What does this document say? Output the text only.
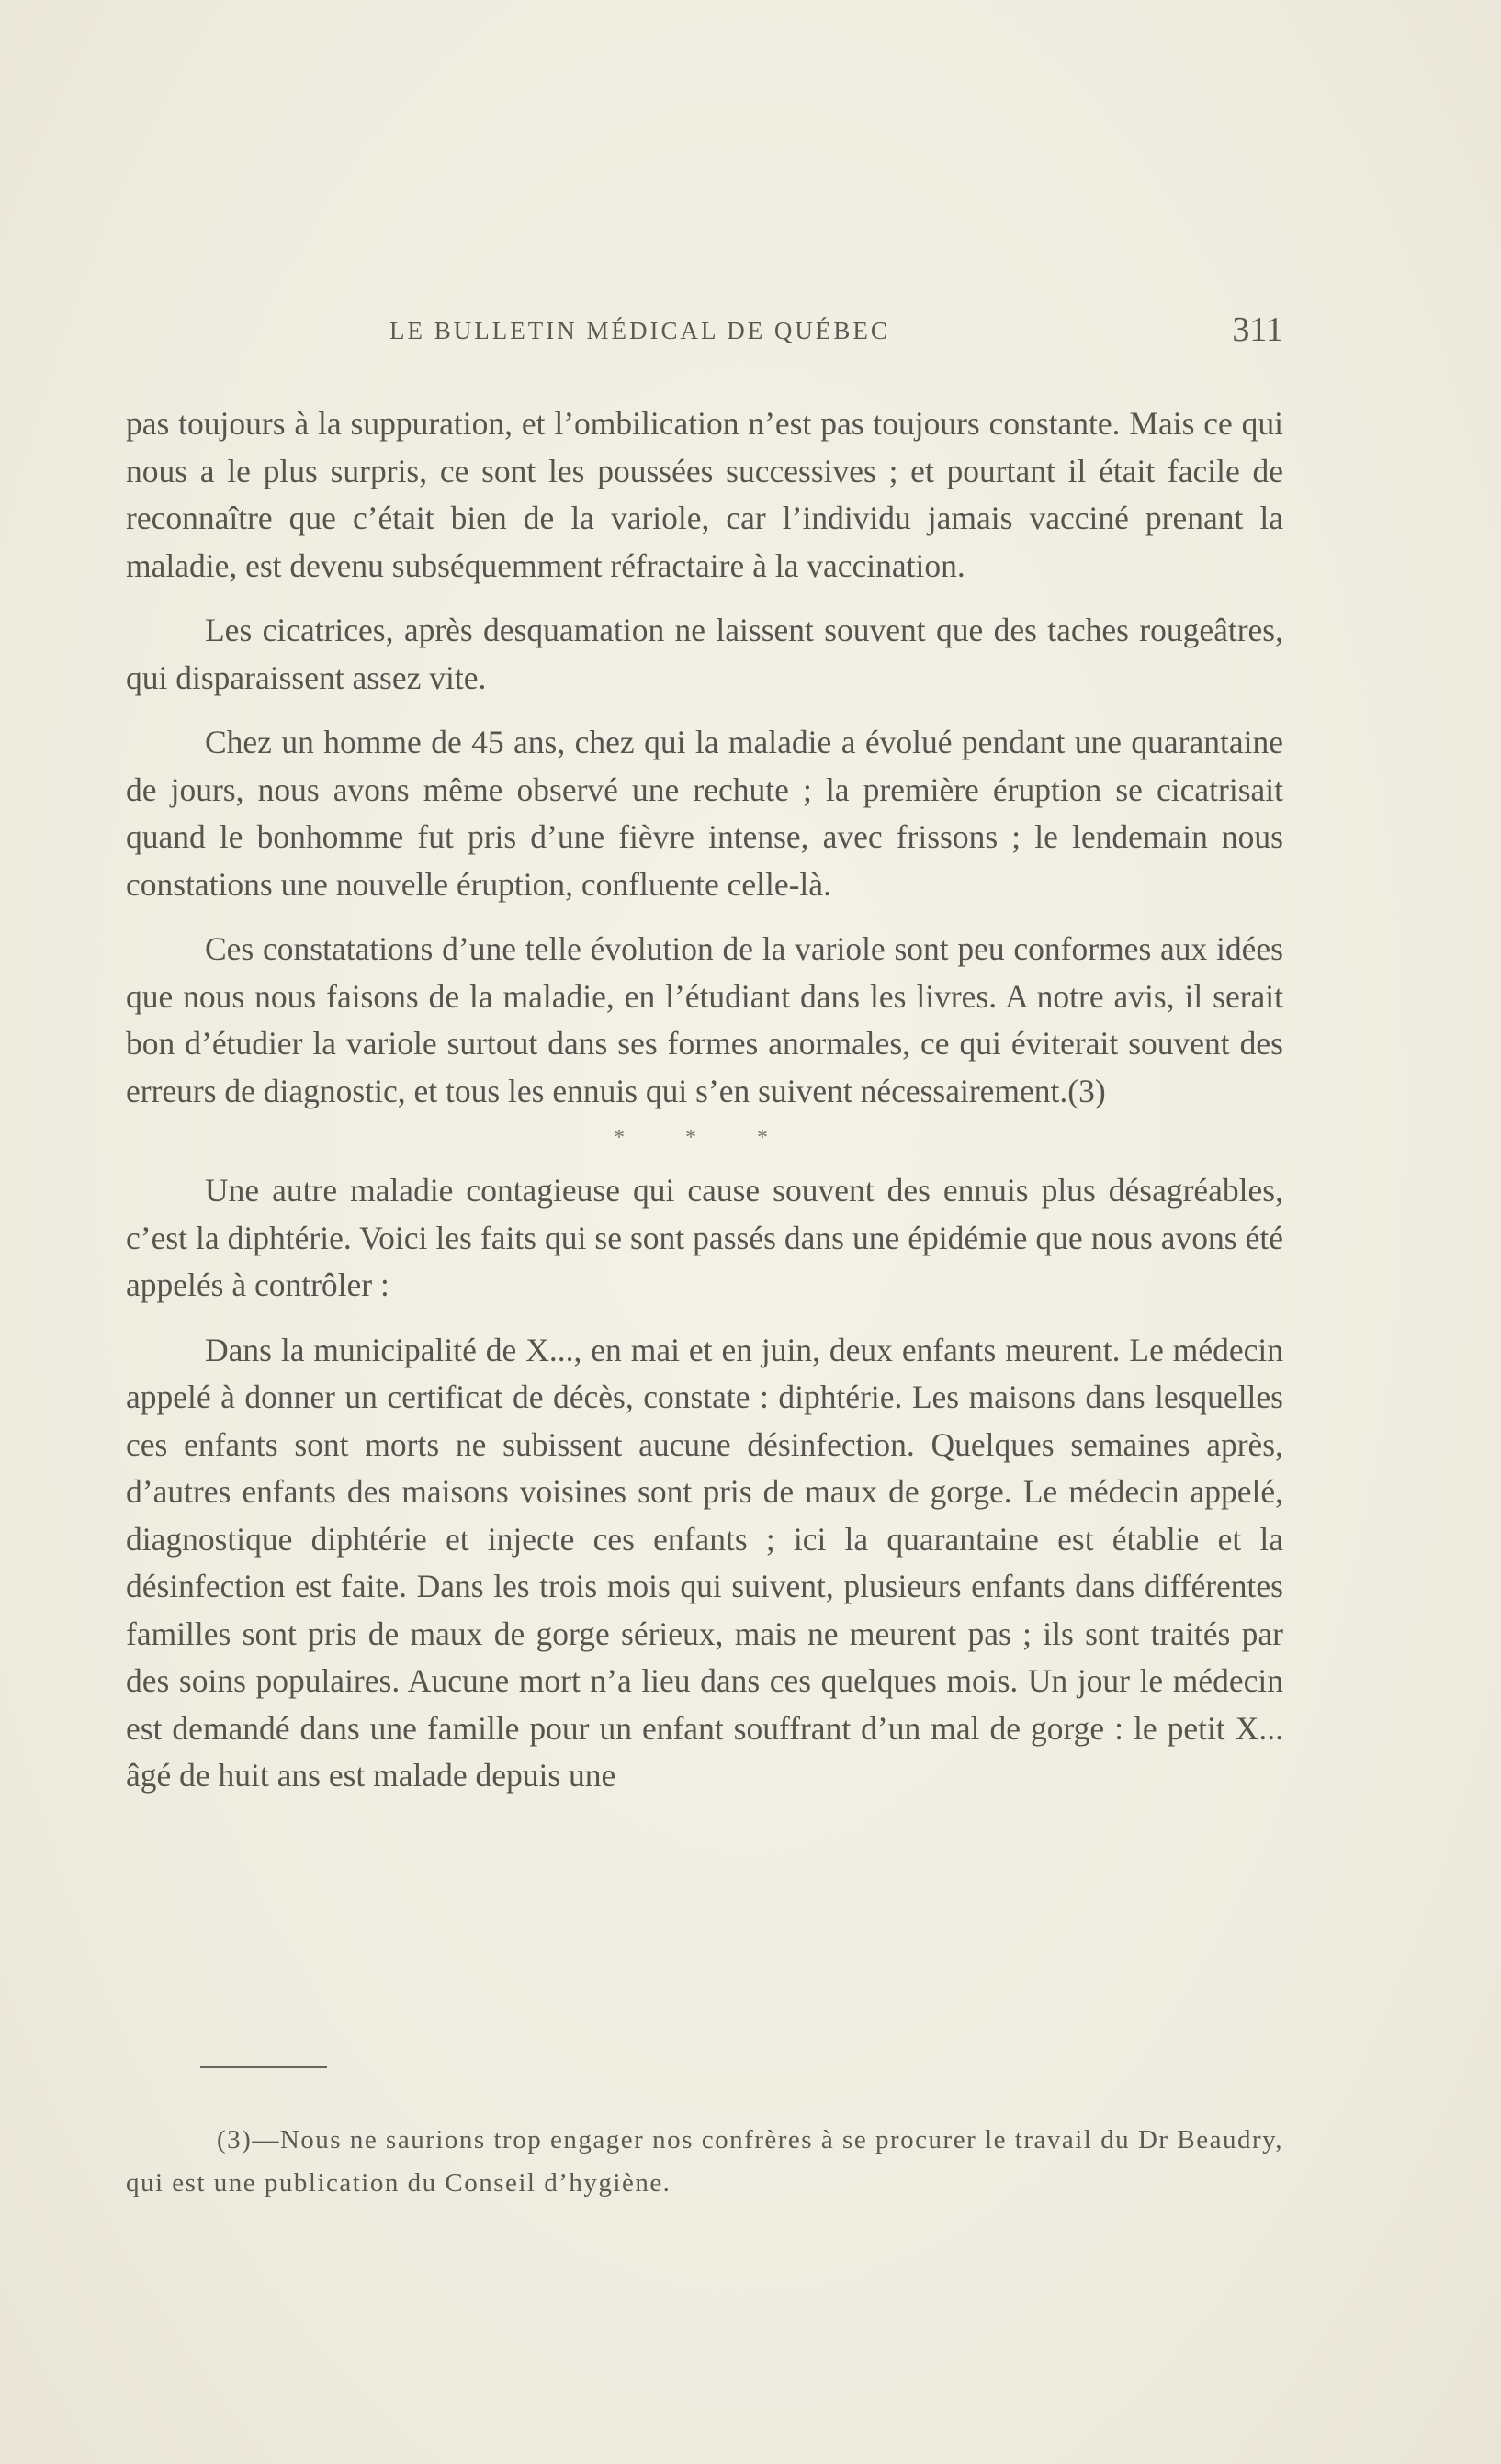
LE BULLETIN MÉDICAL DE QUÉBEC	311

pas toujours à la suppuration, et l’ombilication n’est pas toujours constante. Mais ce qui nous a le plus surpris, ce sont les poussées successives ; et pourtant il était facile de reconnaître que c’était bien de la variole, car l’individu jamais vacciné prenant la maladie, est devenu subséquemment réfractaire à la vaccination.

Les cicatrices, après desquamation ne laissent souvent que des taches rougeâtres, qui disparaissent assez vite.

Chez un homme de 45 ans, chez qui la maladie a évolué pendant une quarantaine de jours, nous avons même observé une rechute ; la première éruption se cicatrisait quand le bonhomme fut pris d’une fièvre intense, avec frissons ; le lendemain nous constations une nouvelle éruption, confluente celle-là.

Ces constatations d’une telle évolution de la variole sont peu conformes aux idées que nous nous faisons de la maladie, en l’étudiant dans les livres. A notre avis, il serait bon d’étudier la variole surtout dans ses formes anormales, ce qui éviterait souvent des erreurs de diagnostic, et tous les ennuis qui s’en suivent nécessairement.(3)

* * *

Une autre maladie contagieuse qui cause souvent des ennuis plus désagréables, c’est la diphtérie. Voici les faits qui se sont passés dans une épidémie que nous avons été appelés à contrôler :

Dans la municipalité de X..., en mai et en juin, deux enfants meurent. Le médecin appelé à donner un certificat de décès, constate : diphtérie. Les maisons dans lesquelles ces enfants sont morts ne subissent aucune désinfection. Quelques semaines après, d’autres enfants des maisons voisines sont pris de maux de gorge. Le médecin appelé, diagnostique diphtérie et injecte ces enfants ; ici la quarantaine est établie et la désinfection est faite. Dans les trois mois qui suivent, plusieurs enfants dans différentes familles sont pris de maux de gorge sérieux, mais ne meurent pas ; ils sont traités par des soins populaires. Aucune mort n’a lieu dans ces quelques mois. Un jour le médecin est demandé dans une famille pour un enfant souffrant d’un mal de gorge : le petit X... âgé de huit ans est malade depuis une

(3)—Nous ne saurions trop engager nos confrères à se procurer le travail du Dr Beaudry, qui est une publication du Conseil d’hygiène.
